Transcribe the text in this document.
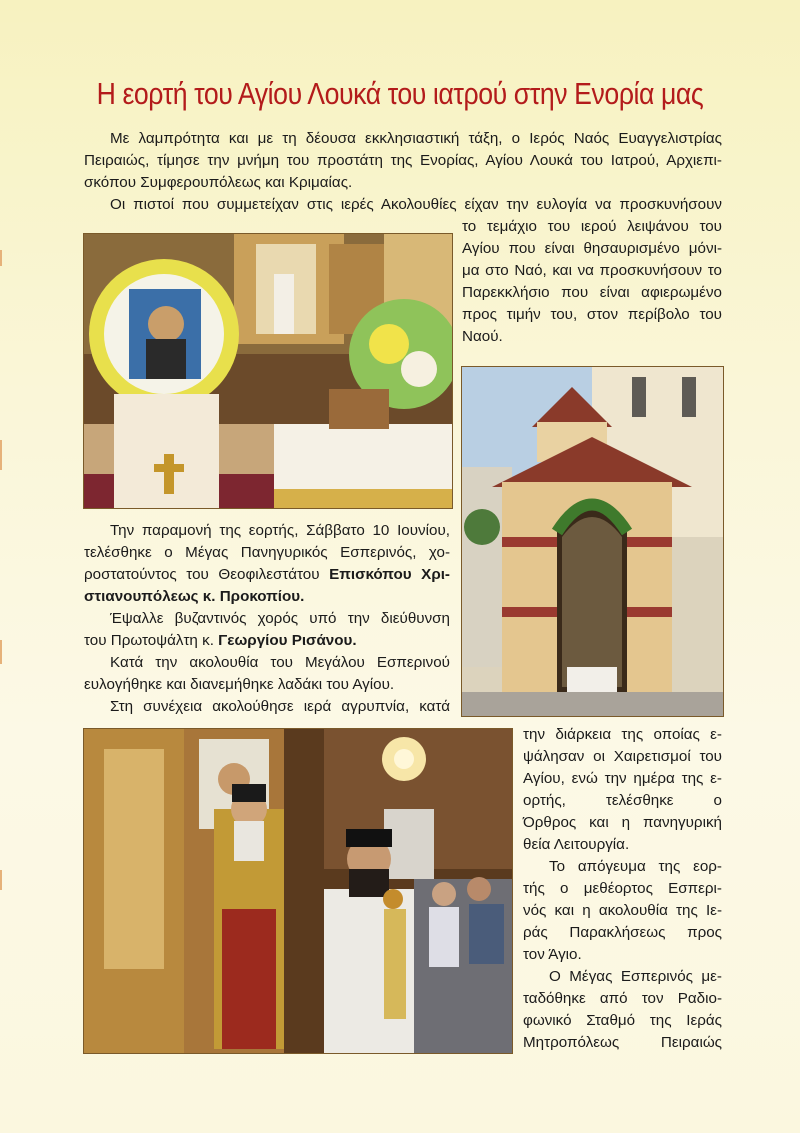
Η εορτή του Αγίου Λουκά του ιατρού στην Ενορία μας
Με λαμπρότητα και με τη δέουσα εκκλησιαστική τάξη, ο Ιερός Ναός Ευαγγελιστρίας
Πειραιώς, τίμησε την μνήμη του προστάτη της Ενορίας, Αγίου Λουκά του Ιατρού, Αρχιεπι-
σκόπου Συμφερουπόλεως και Κριμαίας.
Οι πιστοί που συμμετείχαν στις ιερές Ακολουθίες είχαν την ευλογία να προσκυνήσουν
το τεμάχιο του ιερού λειψάνου του
Αγίου που είναι θησαυρισμένο μόνι-
μα στο Ναό, και να προσκυνήσουν το
Παρεκκλήσιο που είναι αφιερωμένο
προς τιμήν του, στον περίβολο του
Ναού.
Την παραμονή της εορτής, Σάββατο 10 Ιουνίου,
τελέσθηκε ο Μέγας Πανηγυρικός Εσπερινός, χο-
ροστατούντος του Θεοφιλεστάτου Επισκόπου Χρι-
στιανουπόλεως κ. Προκοπίου.
Έψαλλε βυζαντινός χορός υπό την διεύθυνση
του Πρωτοψάλτη κ. Γεωργίου Ρισάνου.
Κατά την ακολουθία του Μεγάλου Εσπερινού
ευλογήθηκε και διανεμήθηκε λαδάκι του Αγίου.
Στη συνέχεια ακολούθησε ιερά αγρυπνία, κατά
την διάρκεια της οποίας ε-
ψάλησαν οι Χαιρετισμοί του
Αγίου, ενώ την ημέρα της ε-
ορτής, τελέσθηκε ο
Όρθρος και η πανηγυρική
θεία Λειτουργία.
Το απόγευμα της εορ-
τής ο μεθέορτος Εσπερι-
νός και η ακολουθία της Ιε-
ράς Παρακλήσεως προς
τον Άγιο.
Ο Μέγας Εσπερινός με-
ταδόθηκε από τον Ραδιο-
φωνικό Σταθμό της Ιεράς
Μητροπόλεως Πειραιώς
